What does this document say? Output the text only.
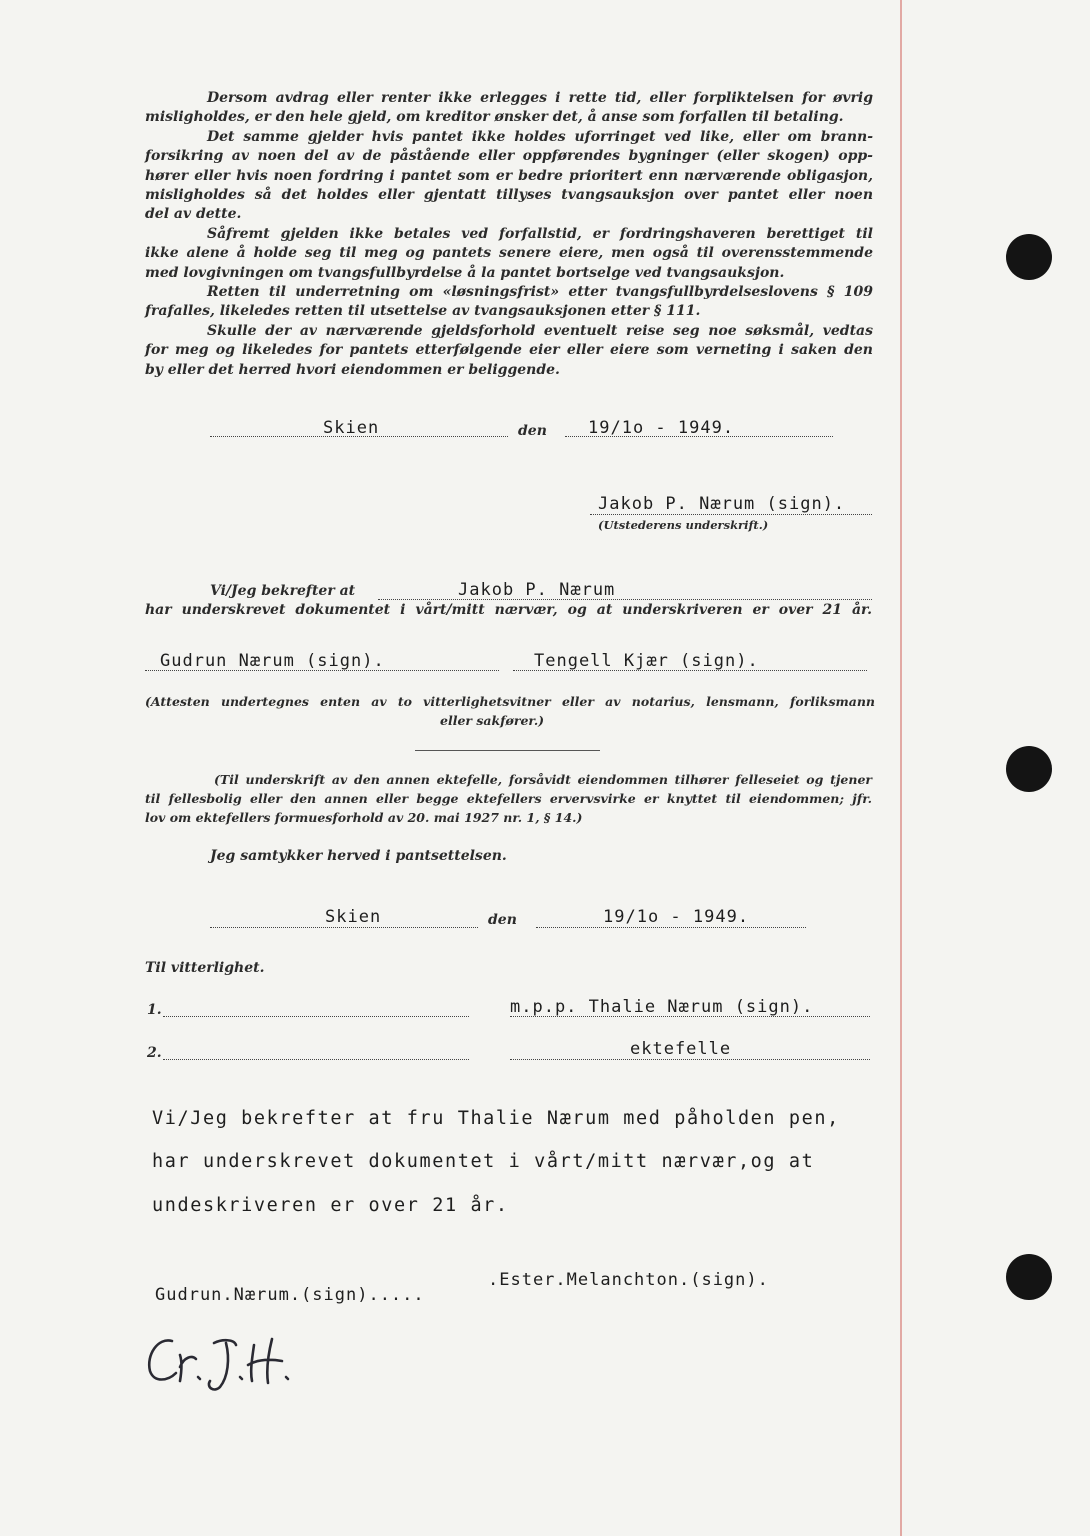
Dersom avdrag eller renter ikke erlegges i rette tid, eller forpliktelsen for øvrig
misligholdes, er den hele gjeld, om kreditor ønsker det, å anse som forfallen til betaling.
Det samme gjelder hvis pantet ikke holdes uforringet ved like, eller om brann-
forsikring av noen del av de påstående eller oppførendes bygninger (eller skogen) opp-
hører eller hvis noen fordring i pantet som er bedre prioritert enn nærværende obligasjon,
misligholdes så det holdes eller gjentatt tillyses tvangsauksjon over pantet eller noen
del av dette.
Såfremt gjelden ikke betales ved forfallstid, er fordringshaveren berettiget til
ikke alene å holde seg til meg og pantets senere eiere, men også til overensstemmende
med lovgivningen om tvangsfullbyrdelse å la pantet bortselge ved tvangsauksjon.
Retten til underretning om «løsningsfrist» etter tvangsfullbyrdelseslovens § 109
frafalles, likeledes retten til utsettelse av tvangsauksjonen etter § 111.
Skulle der av nærværende gjeldsforhold eventuelt reise seg noe søksmål, vedtas
for meg og likeledes for pantets etterfølgende eier eller eiere som verneting i saken den
by eller det herred hvori eiendommen er beliggende.
Skien	den 19/1o - 1949.
Jakob P. Nærum (sign).
(Utstederens underskrift.)
Vi/Jeg bekrefter at	Jakob P. Nærum
har underskrevet dokumentet i vårt/mitt nærvær, og at underskriveren er over 21 år.
Gudrun Nærum (sign).	Tengell Kjær (sign).
(Attesten undertegnes enten av to vitterlighetsvitner eller av notarius, lensmann, forliksmann
eller sakfører.)
(Til underskrift av den annen ektefelle, forsåvidt eiendommen tilhører felleseiet og tjener
til fellesbolig eller den annen eller begge ektefellers ervervsvirke er knyttet til eiendommen; jfr.
lov om ektefellers formuesforhold av 20. mai 1927 nr. 1, § 14.)
Jeg samtykker herved i pantsettelsen.
Skien	den	19/1o - 1949.
Til vitterlighet.
1.	m.p.p. Thalie Nærum (sign).
2.	ektefelle
Vi/Jeg bekrefter at fru Thalie Nærum med påholden pen,
har underskrevet dokumentet i vårt/mitt nærvær,og at
undeskriveren er over 21 år.
Gudrun.Nærum.(sign).....
.Ester.Melanchton.(sign).
